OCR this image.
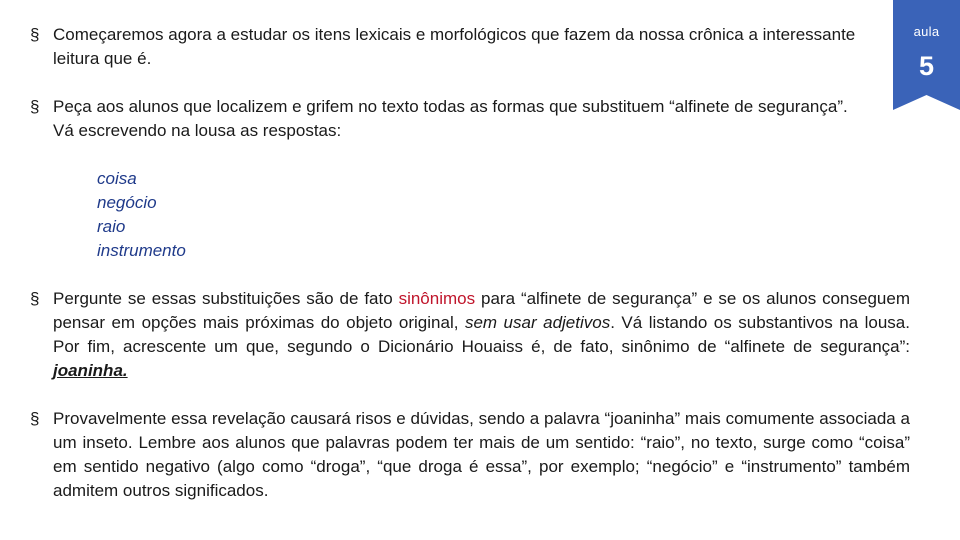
aula
5
§ Começaremos agora a estudar os itens lexicais e morfológicos que fazem da nossa crônica a interessante leitura que é.
§ Peça aos alunos que localizem e grifem no texto todas as formas que substituem “alfinete de segurança”. Vá escrevendo na lousa as respostas:
coisa
negócio
raio
instrumento
§ Pergunte se essas substituições são de fato sinônimos para “alfinete de segurança” e se os alunos conseguem pensar em opções mais próximas do objeto original, sem usar adjetivos. Vá listando os substantivos na lousa. Por fim, acrescente um que, segundo o Dicionário Houaiss é, de fato, sinônimo de “alfinete de segurança”: joaninha.
§ Provavelmente essa revelação causará risos e dúvidas, sendo a palavra “joaninha” mais comumente associada a um inseto. Lembre aos alunos que palavras podem ter mais de um sentido: “raio”, no texto, surge como “coisa” em sentido negativo (algo como “droga”, “que droga é essa”, por exemplo; “negócio” e “instrumento” também admitem outros significados.
